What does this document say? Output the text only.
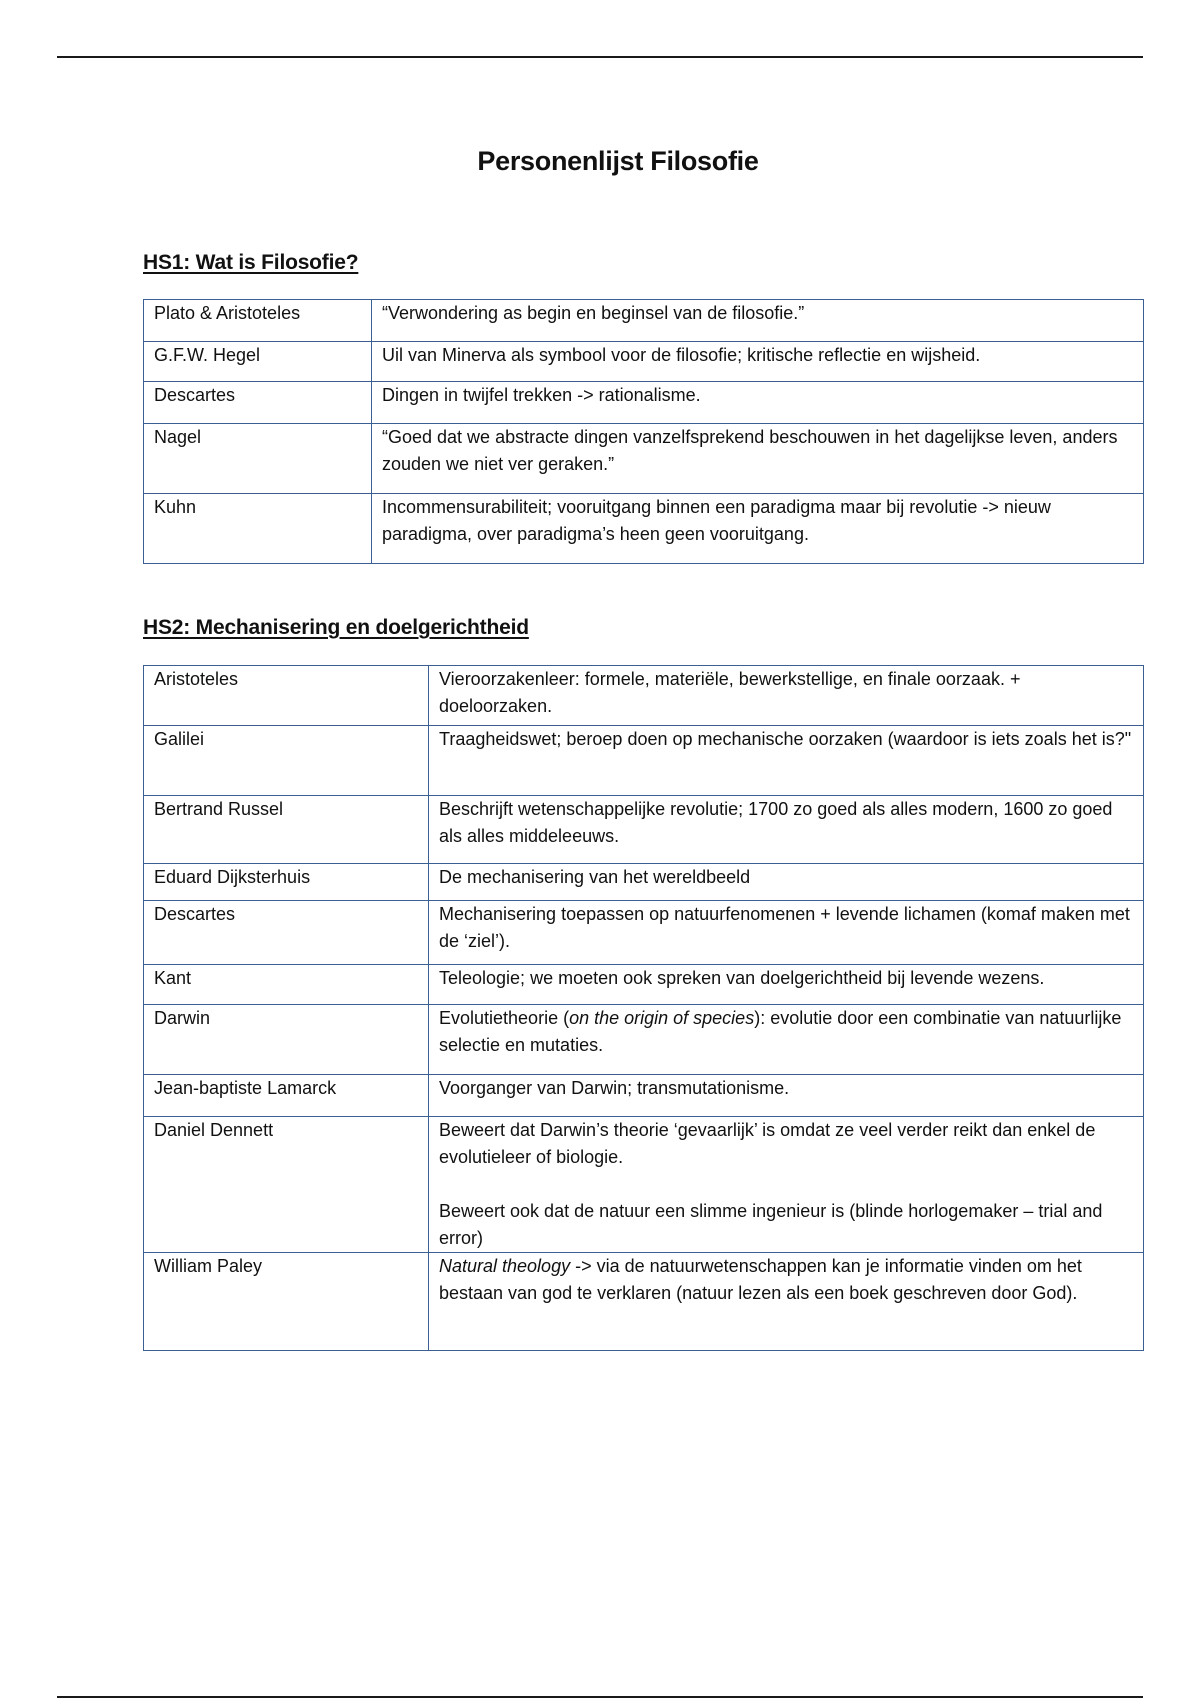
Personenlijst Filosofie
HS1: Wat is Filosofie?
Plato & Aristoteles	“Verwondering as begin en beginsel van de filosofie.”
G.F.W. Hegel	Uil van Minerva als symbool voor de filosofie; kritische reflectie en wijsheid.
Descartes	Dingen in twijfel trekken -> rationalisme.
Nagel	“Goed dat we abstracte dingen vanzelfsprekend beschouwen in het dagelijkse leven, anders zouden we niet ver geraken.”
Kuhn	Incommensurabiliteit; vooruitgang binnen een paradigma maar bij revolutie -> nieuw paradigma, over paradigma’s heen geen vooruitgang.
HS2: Mechanisering en doelgerichtheid
Aristoteles	Vieroorzakenleer: formele, materiële, bewerkstellige, en finale oorzaak. + doeloorzaken.
Galilei	Traagheidswet; beroep doen op mechanische oorzaken (waardoor is iets zoals het is?"
Bertrand Russel	Beschrijft wetenschappelijke revolutie; 1700 zo goed als alles modern, 1600 zo goed als alles middeleeuws.
Eduard Dijksterhuis	De mechanisering van het wereldbeeld
Descartes	Mechanisering toepassen op natuurfenomenen + levende lichamen (komaf maken met de ‘ziel’).
Kant	Teleologie; we moeten ook spreken van doelgerichtheid bij levende wezens.
Darwin	Evolutietheorie (on the origin of species): evolutie door een combinatie van natuurlijke selectie en mutaties.
Jean-baptiste Lamarck	Voorganger van Darwin; transmutationisme.
Daniel Dennett	Beweert dat Darwin’s theorie ‘gevaarlijk’ is omdat ze veel verder reikt dan enkel de evolutieleer of biologie.
Beweert ook dat de natuur een slimme ingenieur is (blinde horlogemaker – trial and error)

William Paley	Natural theology -> via de natuurwetenschappen kan je informatie vinden om het bestaan van god te verklaren (natuur lezen als een boek geschreven door God).
